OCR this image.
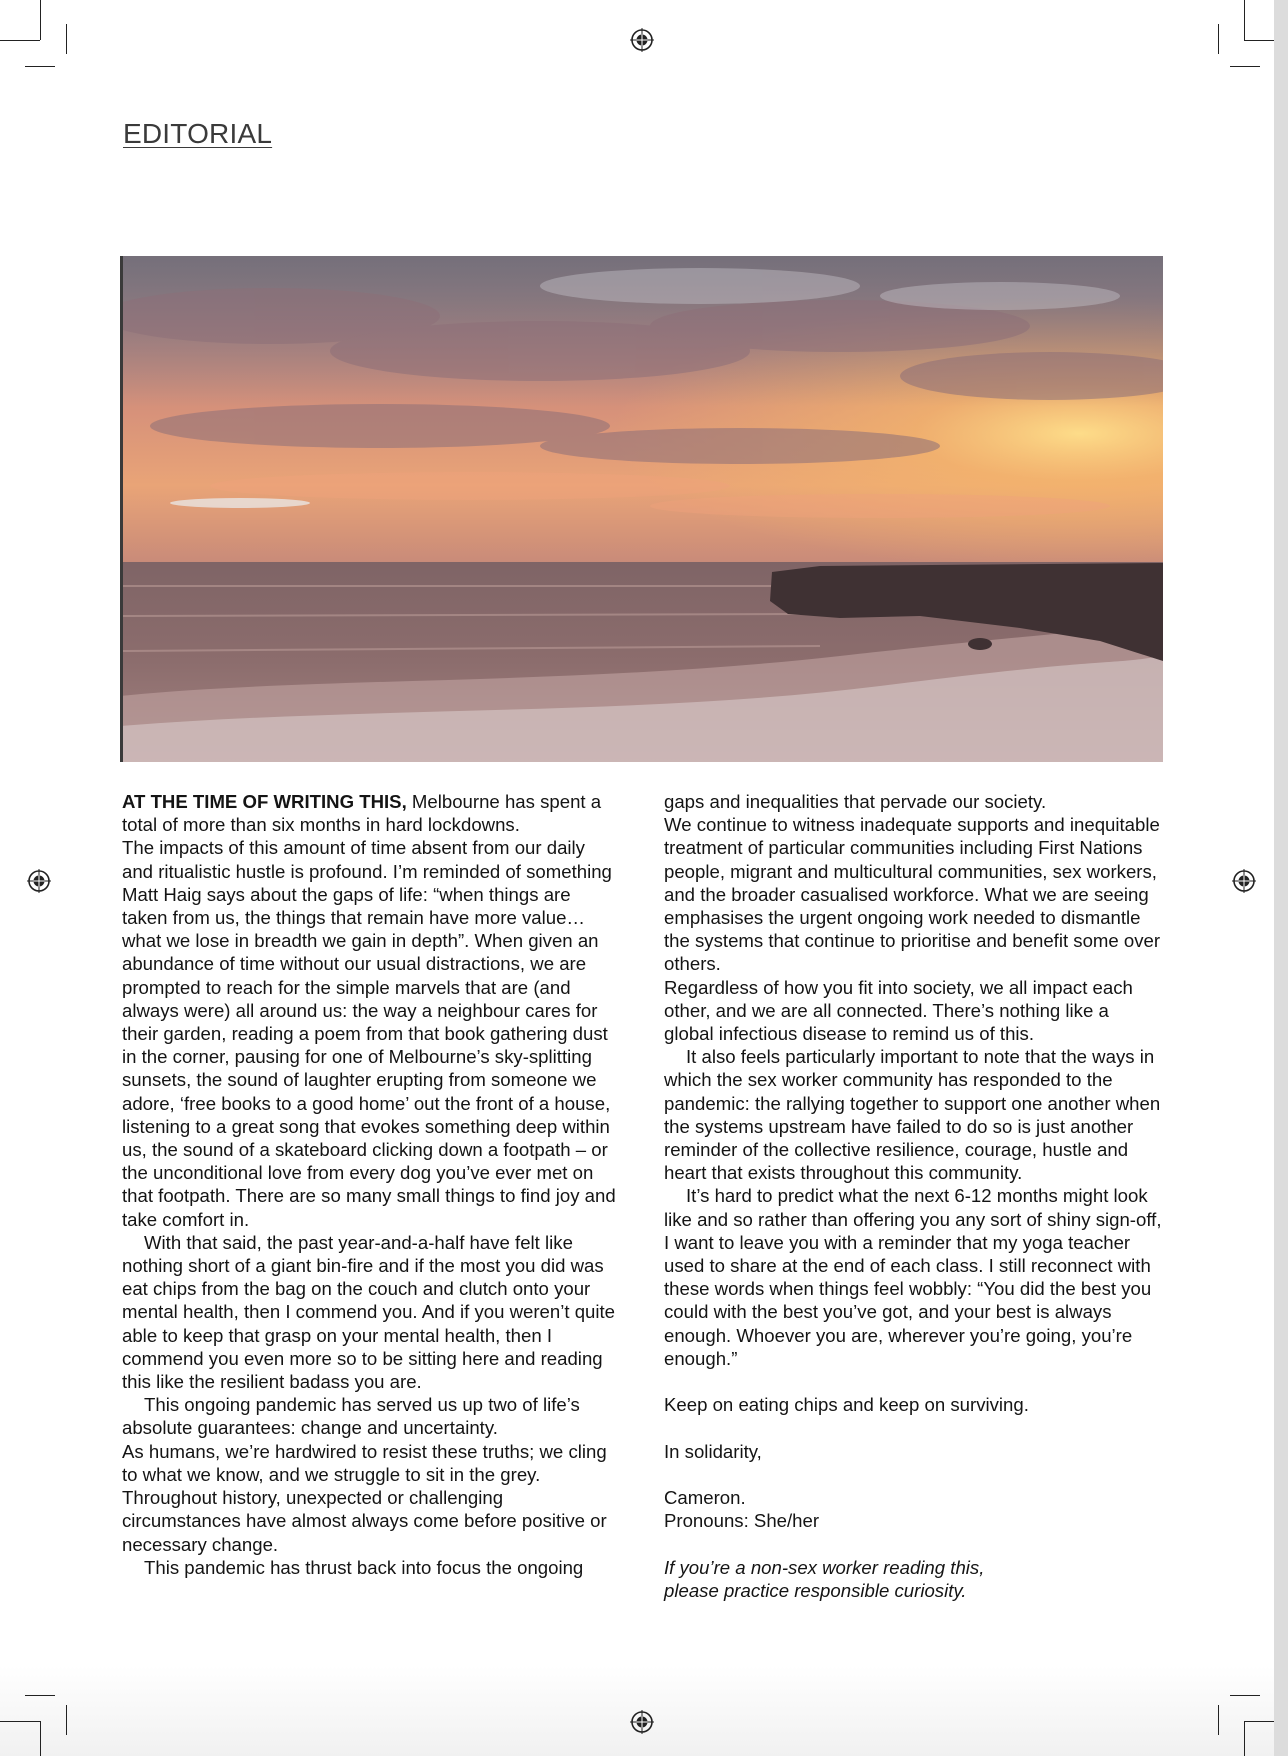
EDITORIAL

AT THE TIME OF WRITING THIS, Melbourne has spent a total of more than six months in hard lockdowns.

The impacts of this amount of time absent from our daily and ritualistic hustle is profound. I’m reminded of something Matt Haig says about the gaps of life: “when things are taken from us, the things that remain have more value… what we lose in breadth we gain in depth”. When given an abundance of time without our usual distractions, we are prompted to reach for the simple marvels that are (and always were) all around us: the way a neighbour cares for their garden, reading a poem from that book gathering dust in the corner, pausing for one of Melbourne’s sky-splitting sunsets, the sound of laughter erupting from someone we adore, ‘free books to a good home’ out the front of a house, listening to a great song that evokes something deep within us, the sound of a skateboard clicking down a footpath – or the unconditional love from every dog you’ve ever met on that footpath. There are so many small things to find joy and take comfort in.

With that said, the past year-and-a-half have felt like nothing short of a giant bin-fire and if the most you did was eat chips from the bag on the couch and clutch onto your mental health, then I commend you. And if you weren’t quite able to keep that grasp on your mental health, then I commend you even more so to be sitting here and reading this like the resilient badass you are.

This ongoing pandemic has served us up two of life’s absolute guarantees: change and uncertainty.

As humans, we’re hardwired to resist these truths; we cling to what we know, and we struggle to sit in the grey. Throughout history, unexpected or challenging circumstances have almost always come before positive or necessary change.

This pandemic has thrust back into focus the ongoing

gaps and inequalities that pervade our society.

We continue to witness inadequate supports and inequitable treatment of particular communities including First Nations people, migrant and multicultural communities, sex workers, and the broader casualised workforce. What we are seeing emphasises the urgent ongoing work needed to dismantle the systems that continue to prioritise and benefit some over others.

Regardless of how you fit into society, we all impact each other, and we are all connected. There’s nothing like a global infectious disease to remind us of this.

It also feels particularly important to note that the ways in which the sex worker community has responded to the pandemic: the rallying together to support one another when the systems upstream have failed to do so is just another reminder of the collective resilience, courage, hustle and heart that exists throughout this community.

It’s hard to predict what the next 6-12 months might look like and so rather than offering you any sort of shiny sign-off, I want to leave you with a reminder that my yoga teacher used to share at the end of each class. I still reconnect with these words when things feel wobbly: “You did the best you could with the best you’ve got, and your best is always enough. Whoever you are, wherever you’re going, you’re enough.”

Keep on eating chips and keep on surviving.

In solidarity,

Cameron.

Pronouns: She/her

If you’re a non-sex worker reading this,

please practice responsible curiosity.
